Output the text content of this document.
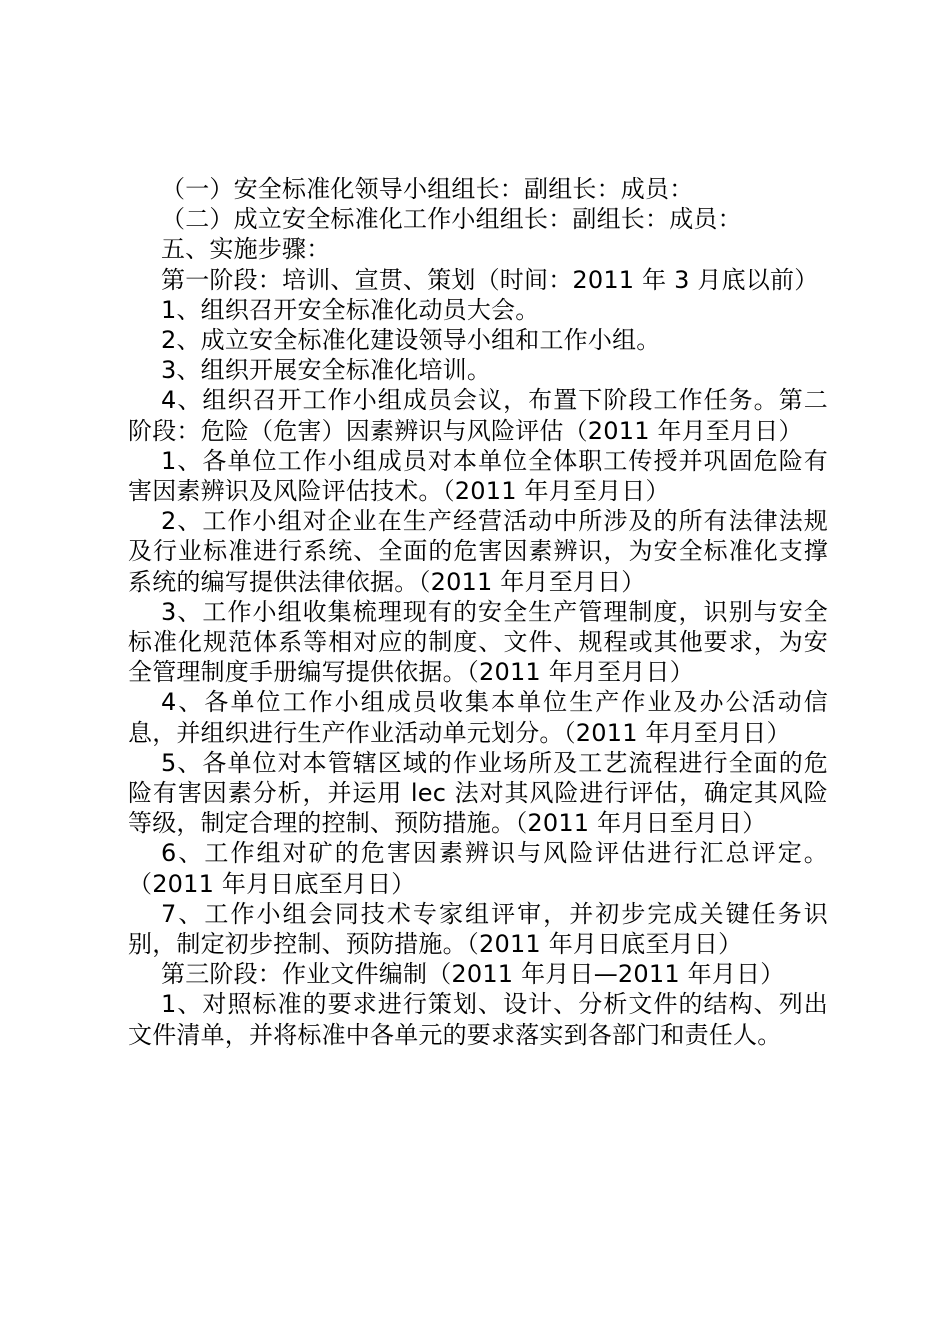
（一）安全标准化领导小组组长：副组长：成员：

（二）成立安全标准化工作小组组长：副组长：成员：

五、实施步骤：

第一阶段：培训、宣贯、策划（时间：2011 年 3 月底以前）

1、组织召开安全标准化动员大会。

2、成立安全标准化建设领导小组和工作小组。

3、组织开展安全标准化培训。

4、组织召开工作小组成员会议，布置下阶段工作任务。第二阶段：危险（危害）因素辨识与风险评估（2011 年月至月日）

1、各单位工作小组成员对本单位全体职工传授并巩固危险有害因素辨识及风险评估技术。（2011 年月至月日）

2、工作小组对企业在生产经营活动中所涉及的所有法律法规及行业标准进行系统、全面的危害因素辨识，为安全标准化支撑系统的编写提供法律依据。（2011 年月至月日）

3、工作小组收集梳理现有的安全生产管理制度，识别与安全标准化规范体系等相对应的制度、文件、规程或其他要求，为安全管理制度手册编写提供依据。（2011 年月至月日）

4、各单位工作小组成员收集本单位生产作业及办公活动信息，并组织进行生产作业活动单元划分。（2011 年月至月日）

5、各单位对本管辖区域的作业场所及工艺流程进行全面的危险有害因素分析，并运用 lec 法对其风险进行评估，确定其风险等级，制定合理的控制、预防措施。（2011 年月日至月日）

6、工作组对矿的危害因素辨识与风险评估进行汇总评定。（2011 年月日底至月日）

7、工作小组会同技术专家组评审，并初步完成关键任务识别，制定初步控制、预防措施。（2011 年月日底至月日）

第三阶段：作业文件编制（2011 年月日—2011 年月日）

1、对照标准的要求进行策划、设计、分析文件的结构、列出文件清单，并将标准中各单元的要求落实到各部门和责任人。
